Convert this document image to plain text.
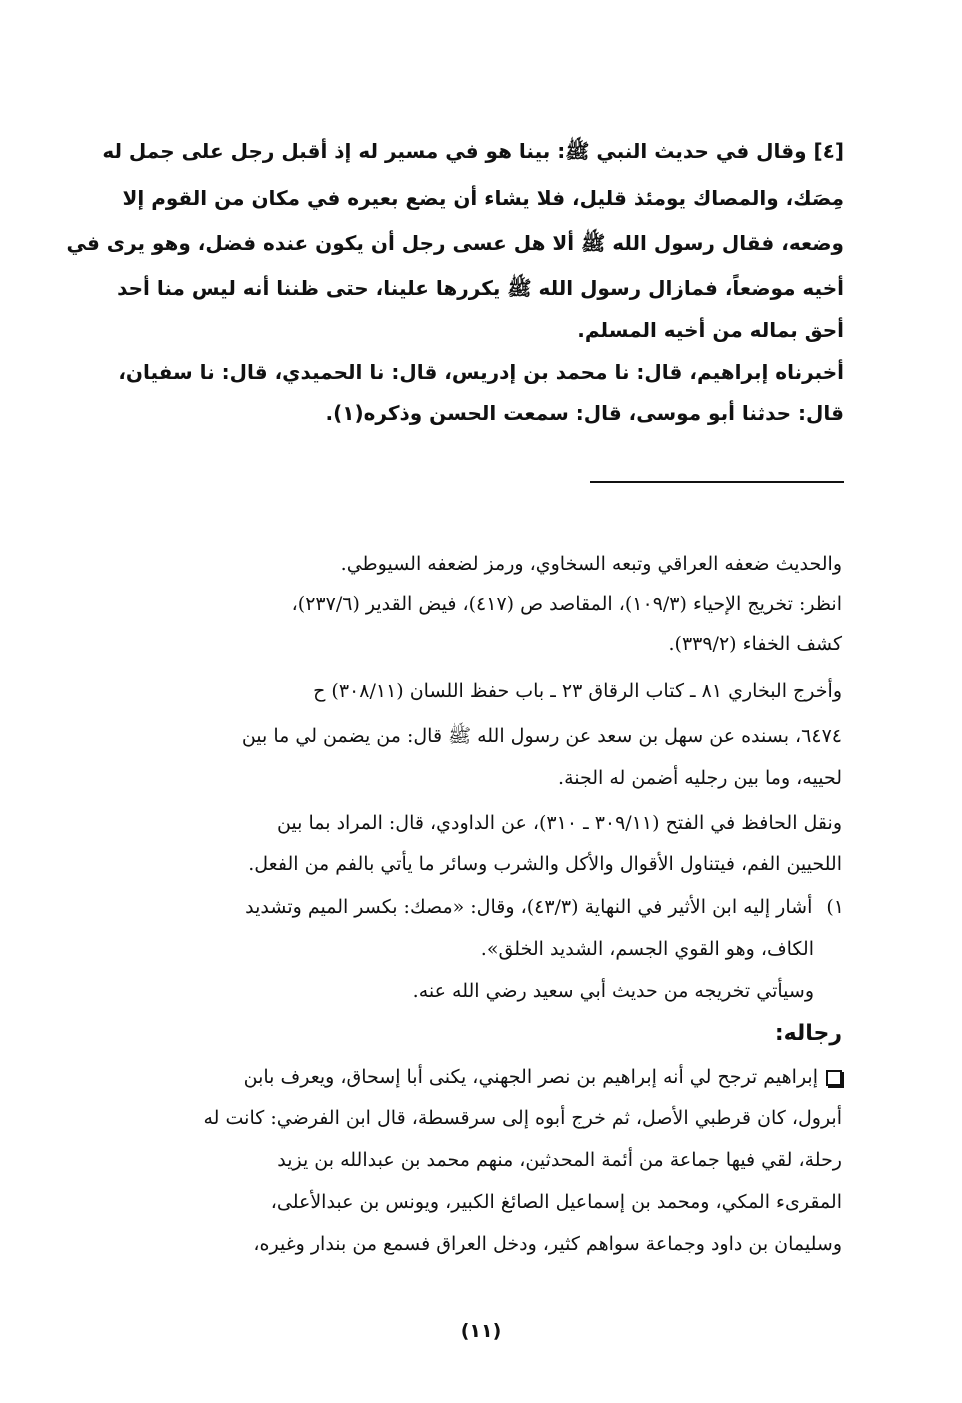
[٤] وقال في حديث النبي ﷺ: بينا هو في مسير له إذ أقبل رجل على جمل له
مِصَك، والمصاك يومئذ قليل، فلا يشاء أن يضع بعيره في مكان من القوم إلا
وضعه، فقال رسول الله ﷺ ألا هل عسى رجل أن يكون عنده فضل، وهو يرى في
أخيه موضعاً، فمازال رسول الله ﷺ يكررها علينا، حتى ظننا أنه ليس منا أحد
أحق بماله من أخيه المسلم.
أخبرناه إبراهيم، قال: نا محمد بن إدريس، قال: نا الحميدي، قال: نا سفيان،
قال: حدثنا أبو موسى، قال: سمعت الحسن وذكره(١).
والحديث ضعفه العراقي وتبعه السخاوي، ورمز لضعفه السيوطي.
انظر: تخريج الإحياء (١٠٩/٣)، المقاصد ص (٤١٧)، فيض القدير (٢٣٧/٦)،
كشف الخفاء (٣٣٩/٢).
وأخرج البخاري ٨١ ـ كتاب الرقاق ٢٣ ـ باب حفظ اللسان (٣٠٨/١١) ح
٦٤٧٤، بسنده عن سهل بن سعد عن رسول الله ﷺ قال: من يضمن لي ما بين
لحييه، وما بين رجليه أضمن له الجنة.
ونقل الحافظ في الفتح (٣٠٩/١١ ـ ٣١٠)، عن الداودي، قال: المراد بما بين
اللحيين الفم، فيتناول الأقوال والأكل والشرب وسائر ما يأتي بالفم من الفعل.
١)أشار إليه ابن الأثير في النهاية (٤٣/٣)، وقال: «مصك: بكسر الميم وتشديد
الكاف، وهو القوي الجسم، الشديد الخلق».
وسيأتي تخريجه من حديث أبي سعيد رضي الله عنه.
رجاله:
إبراهيم ترجح لي أنه إبراهيم بن نصر الجهني، يكنى أبا إسحاق، ويعرف بابن
أبرول، كان قرطبي الأصل، ثم خرج أبوه إلى سرقسطة، قال ابن الفرضي: كانت له
رحلة، لقي فيها جماعة من أئمة المحدثين، منهم محمد بن عبدالله بن يزيد
المقرىء المكي، ومحمد بن إسماعيل الصائغ الكبير، ويونس بن عبدالأعلى،
وسليمان بن داود وجماعة سواهم كثير، ودخل العراق فسمع من بندار وغيره،
(١١)
